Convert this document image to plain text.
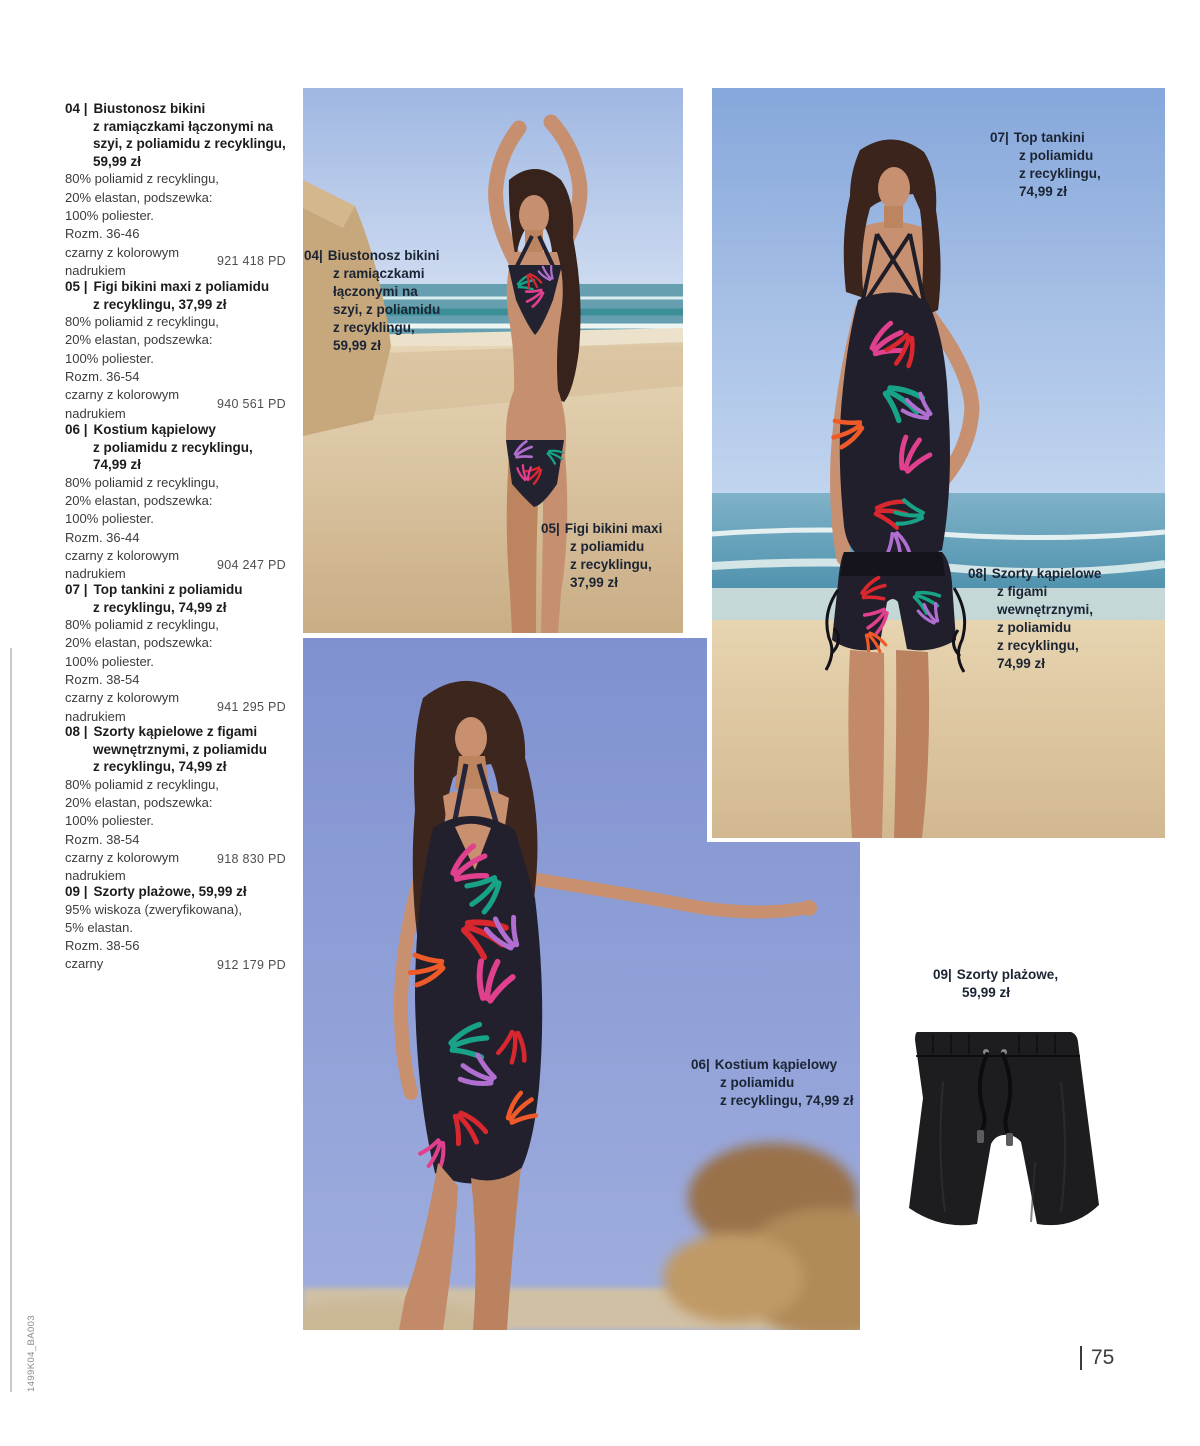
04 | Biustonosz bikini
z ramiączkami łączonymi na
szyi, z poliamidu z recyklingu,
59,99 zł
80% poliamid z recyklingu,
20% elastan, podszewka:
100% poliester.
Rozm. 36-46
czarny z kolorowym
nadrukiem
921 418 PD
05 | Figi bikini maxi z poliamidu
z recyklingu, 37,99 zł
80% poliamid z recyklingu,
20% elastan, podszewka:
100% poliester.
Rozm. 36-54
czarny z kolorowym
nadrukiem
940 561 PD
06 | Kostium kąpielowy
z poliamidu z recyklingu,
74,99 zł
80% poliamid z recyklingu,
20% elastan, podszewka:
100% poliester.
Rozm. 36-44
czarny z kolorowym
nadrukiem
904 247 PD
07 | Top tankini z poliamidu
z recyklingu, 74,99 zł
80% poliamid z recyklingu,
20% elastan, podszewka:
100% poliester.
Rozm. 38-54
czarny z kolorowym
nadrukiem
941 295 PD
08 | Szorty kąpielowe z figami
wewnętrznymi, z poliamidu
z recyklingu, 74,99 zł
80% poliamid z recyklingu,
20% elastan, podszewka:
100% poliester.
Rozm. 38-54
czarny z kolorowym
nadrukiem
918 830 PD
09 | Szorty plażowe, 59,99 zł
95% wiskoza (zweryfikowana),
5% elastan.
Rozm. 38-56
czarny	912 179 PD
04| Biustonosz bikini
z ramiączkami
łączonymi na
szyi, z poliamidu
z recyklingu,
59,99 zł
05| Figi bikini maxi
z poliamidu
z recyklingu,
37,99 zł
07| Top tankini
z poliamidu
z recyklingu,
74,99 zł
08| Szorty kąpielowe
z figami
wewnętrznymi,
z poliamidu
z recyklingu,
74,99 zł
06| Kostium kąpielowy
z poliamidu
z recyklingu, 74,99 zł
09| Szorty plażowe,
59,99 zł
1499K04_BA003	75
